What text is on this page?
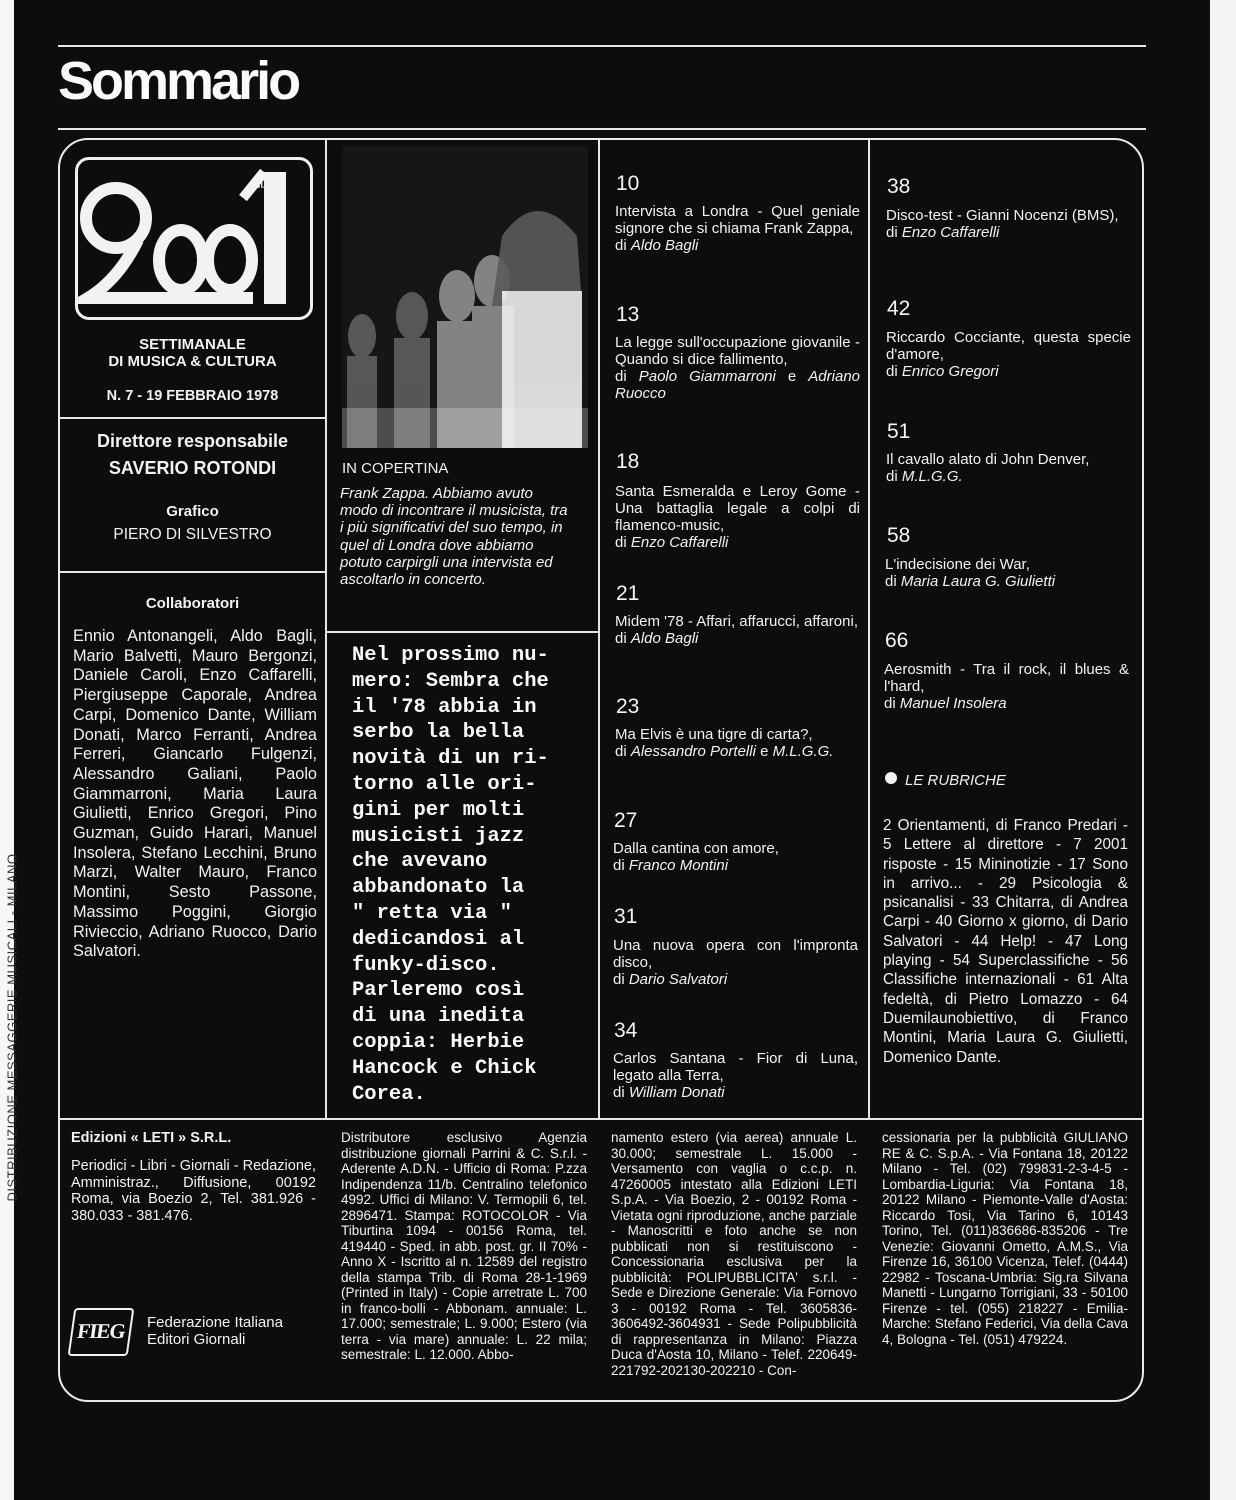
DISTRIBUZIONE MESSAGGERIE MUSICALI - MILANO
Sommario
CIAO
SETTIMANALE
DI MUSICA & CULTURA
N. 7 - 19 FEBBRAIO 1978
Direttore responsabile
SAVERIO ROTONDI
Grafico
PIERO DI SILVESTRO
Collaboratori
Ennio Antonangeli, Aldo Bagli, Mario Balvetti, Mauro Bergonzi, Daniele Caroli, Enzo Caffarelli, Piergiuseppe Caporale, Andrea Carpi, Domenico Dante, William Donati, Marco Ferranti, Andrea Ferreri, Giancarlo Fulgenzi, Alessandro Galiani, Paolo Giammarroni, Maria Laura Giulietti, Enrico Gregori, Pino Guzman, Guido Harari, Manuel Insolera, Stefano Lecchini, Bruno Marzi, Walter Mauro, Franco Montini, Sesto Passone, Massimo Poggini, Giorgio Rivieccio, Adriano Ruocco, Dario Salvatori.
IN COPERTINA
Frank Zappa. Abbiamo avuto modo di incontrare il musicista, tra i più significativi del suo tempo, in quel di Londra dove abbiamo potuto carpirgli una intervista ed ascoltarlo in concerto.
Nel prossimo nu-
mero: Sembra che
il '78 abbia in
serbo la bella
novità di un ri-
torno alle ori-
gini per molti
musicisti jazz
che avevano
abbandonato la
" retta via "
dedicandosi al
funky-disco.
Parleremo così
di una inedita
coppia: Herbie
Hancock e Chick
Corea.
10
Intervista a Londra - Quel geniale signore che si chiama Frank Zappa,
di Aldo Bagli
13
La legge sull'occupazione giovanile - Quando si dice fallimento,
di Paolo Giammarroni e Adriano Ruocco
18
Santa Esmeralda e Leroy Gome - Una battaglia legale a colpi di flamenco-music,
di Enzo Caffarelli
21
Midem '78 - Affari, affarucci, affaroni,
di Aldo Bagli
23
Ma Elvis è una tigre di carta?,
di Alessandro Portelli e M.L.G.G.
27
Dalla cantina con amore,
di Franco Montini
31
Una nuova opera con l'impronta disco,
di Dario Salvatori
34
Carlos Santana - Fior di Luna, legato alla Terra,
di William Donati
38
Disco-test - Gianni Nocenzi (BMS),
di Enzo Caffarelli
42
Riccardo Cocciante, questa specie d'amore,
di Enrico Gregori
51
Il cavallo alato di John Denver,
di M.L.G.G.
58
L'indecisione dei War,
di Maria Laura G. Giulietti
66
Aerosmith - Tra il rock, il blues & l'hard,
di Manuel Insolera
LE RUBRICHE
2 Orientamenti, di Franco Predari - 5 Lettere al direttore - 7 2001 risposte - 15 Mininotizie - 17 Sono in arrivo... - 29 Psicologia & psicanalisi - 33 Chitarra, di Andrea Carpi - 40 Giorno x giorno, di Dario Salvatori - 44 Help! - 47 Long playing - 54 Superclassifiche - 56 Classifiche internazionali - 61 Alta fedeltà, di Pietro Lomazzo - 64 Duemilaunobiettivo, di Franco Montini, Maria Laura G. Giulietti, Domenico Dante.
Edizioni « LETI » S.R.L.
Periodici - Libri - Giornali - Redazione, Amministraz., Diffusione, 00192 Roma, via Boezio 2, Tel. 381.926 - 380.033 - 381.476.
FIEG	Federazione Italiana
Editori Giornali
Distributore esclusivo Agenzia distribuzione giornali Parrini & C. S.r.l. - Aderente A.D.N. - Ufficio di Roma: P.zza Indipendenza 11/b. Centralino telefonico 4992. Uffici di Milano: V. Termopili 6, tel. 2896471. Stampa: ROTOCOLOR - Via Tiburtina 1094 - 00156 Roma, tel. 419440 - Sped. in abb. post. gr. II 70% - Anno X - Iscritto al n. 12589 del registro della stampa Trib. di Roma 28-1-1969 (Printed in Italy) - Copie arretrate L. 700 in franco-bolli - Abbonam. annuale: L. 17.000; semestrale; L. 9.000; Estero (via terra - via mare) annuale: L. 22 mila; semestrale: L. 12.000. Abbo-
namento estero (via aerea) annuale L. 30.000; semestrale L. 15.000 - Versamento con vaglia o c.c.p. n. 47260005 intestato alla Edizioni LETI S.p.A. - Via Boezio, 2 - 00192 Roma - Vietata ogni riproduzione, anche parziale - Manoscritti e foto anche se non pubblicati non si restituiscono - Concessionaria esclusiva per la pubblicità: POLIPUBBLICITA' s.r.l. - Sede e Direzione Generale: Via Fornovo 3 - 00192 Roma - Tel. 3605836-3606492-3604931 - Sede Polipubblicità di rappresentanza in Milano: Piazza Duca d'Aosta 10, Milano - Telef. 220649-221792-202130-202210 - Con-
cessionaria per la pubblicità GIULIANO RE & C. S.p.A. - Via Fontana 18, 20122 Milano - Tel. (02) 799831-2-3-4-5 - Lombardia-Liguria: Via Fontana 18, 20122 Milano - Piemonte-Valle d'Aosta: Riccardo Tosi, Via Tarino 6, 10143 Torino, Tel. (011)836686-835206 - Tre Venezie: Giovanni Ometto, A.M.S., Via Firenze 16, 36100 Vicenza, Telef. (0444) 22982 - Toscana-Umbria: Sig.ra Silvana Manetti - Lungarno Torrigiani, 33 - 50100 Firenze - tel. (055) 218227 - Emilia-Marche: Stefano Federici, Via della Cava 4, Bologna - Tel. (051) 479224.
